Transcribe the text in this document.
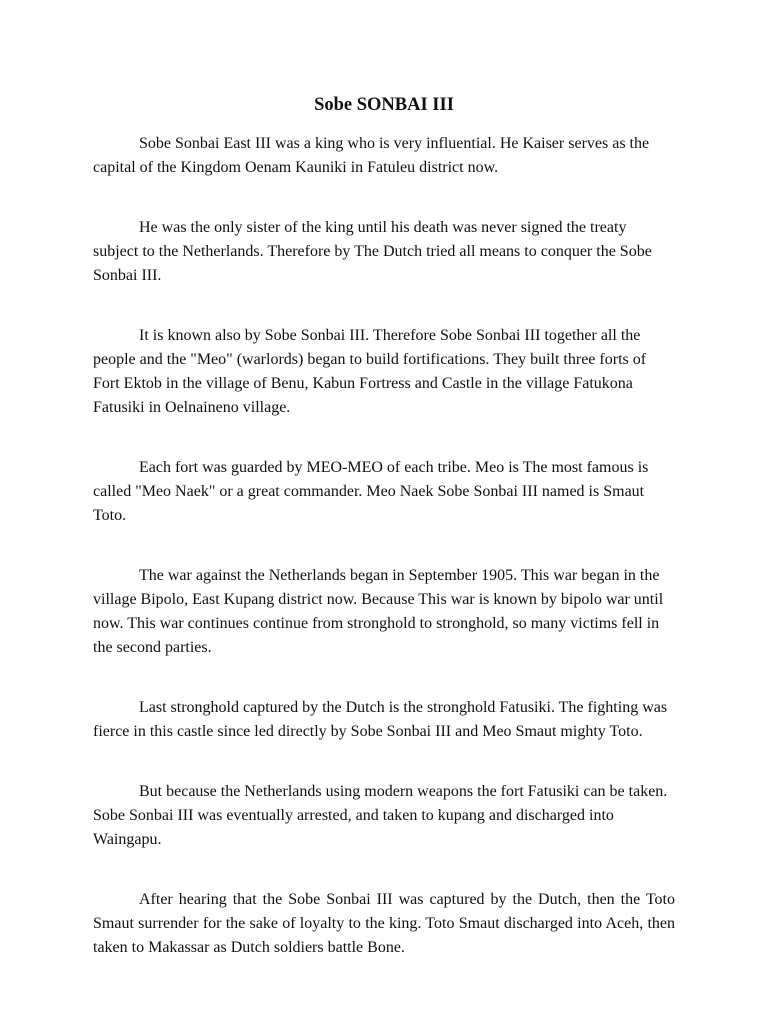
Sobe SONBAI III

Sobe Sonbai East III was a king who is very influential. He Kaiser serves as the capital of the Kingdom Oenam Kauniki in Fatuleu district now.

He was the only sister of the king until his death was never signed the treaty subject to the Netherlands. Therefore by The Dutch tried all means to conquer the Sobe Sonbai III.

It is known also by Sobe Sonbai III. Therefore Sobe Sonbai III together all the people and the "Meo" (warlords) began to build fortifications. They built three forts of Fort Ektob in the village of Benu, Kabun Fortress and Castle in the village Fatukona Fatusiki in Oelnaineno village.

Each fort was guarded by MEO-MEO of each tribe. Meo is The most famous is called "Meo Naek" or a great commander. Meo Naek Sobe Sonbai III named is Smaut Toto.

The war against the Netherlands began in September 1905. This war began in the village Bipolo, East Kupang district now. Because This war is known by bipolo war until now. This war continues continue from stronghold to stronghold, so many victims fell in the second parties.

Last stronghold captured by the Dutch is the stronghold Fatusiki. The fighting was fierce in this castle since led directly by Sobe Sonbai III and Meo Smaut mighty Toto.

But because the Netherlands using modern weapons the fort Fatusiki can be taken. Sobe Sonbai III was eventually arrested, and taken to kupang and discharged into Waingapu.

After hearing that the Sobe Sonbai III was captured by the Dutch, then the Toto Smaut surrender for the sake of loyalty to the king. Toto Smaut discharged into Aceh, then taken to Makassar as Dutch soldiers battle Bone.
